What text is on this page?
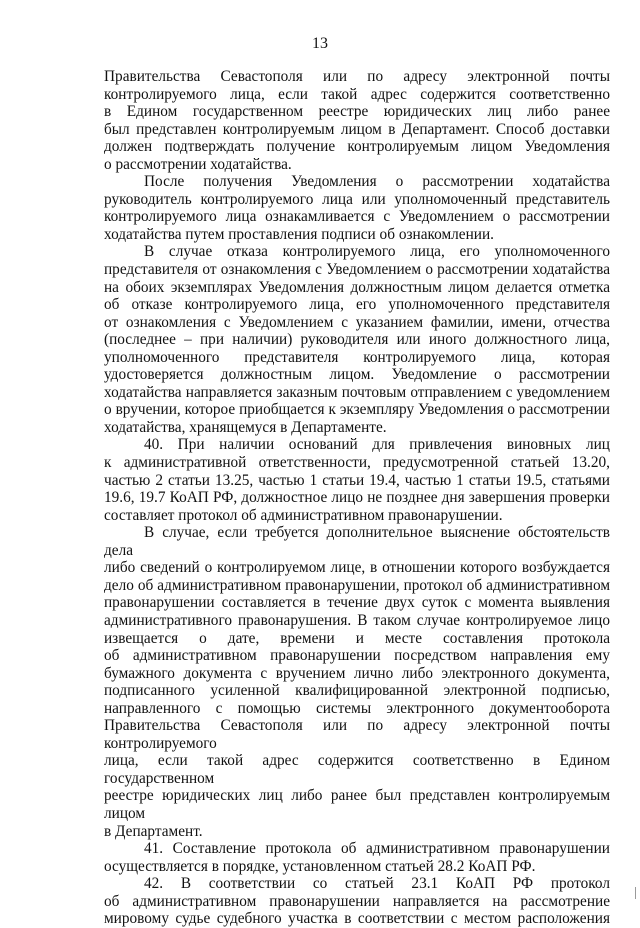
13

Правительства Севастополя или по адресу электронной почты

контролируемого лица, если такой адрес содержится соответственно

в Едином государственном реестре юридических лиц либо ранее

был представлен контролируемым лицом в Департамент. Способ доставки

должен подтверждать получение контролируемым лицом Уведомления

о рассмотрении ходатайства.

После получения Уведомления о рассмотрении ходатайства

руководитель контролируемого лица или уполномоченный представитель

контролируемого лица ознакамливается с Уведомлением о рассмотрении

ходатайства путем проставления подписи об ознакомлении.

В случае отказа контролируемого лица, его уполномоченного

представителя от ознакомления с Уведомлением о рассмотрении ходатайства

на обоих экземплярах Уведомления должностным лицом делается отметка

об отказе контролируемого лица, его уполномоченного представителя

от ознакомления с Уведомлением с указанием фамилии, имени, отчества

(последнее – при наличии) руководителя или иного должностного лица,

уполномоченного представителя контролируемого лица, которая

удостоверяется должностным лицом. Уведомление о рассмотрении

ходатайства направляется заказным почтовым отправлением с уведомлением

о вручении, которое приобщается к экземпляру Уведомления о рассмотрении

ходатайства, хранящемуся в Департаменте.

40. При наличии оснований для привлечения виновных лиц

к административной ответственности, предусмотренной статьей 13.20,

частью 2 статьи 13.25, частью 1 статьи 19.4, частью 1 статьи 19.5, статьями

19.6, 19.7 КоАП РФ, должностное лицо не позднее дня завершения проверки

составляет протокол об административном правонарушении.

В случае, если требуется дополнительное выяснение обстоятельств дела

либо сведений о контролируемом лице, в отношении которого возбуждается

дело об административном правонарушении, протокол об административном

правонарушении составляется в течение двух суток с момента выявления

административного правонарушения. В таком случае контролируемое лицо

извещается о дате, времени и месте составления протокола

об административном правонарушении посредством направления ему

бумажного документа с вручением лично либо электронного документа,

подписанного усиленной квалифицированной электронной подписью,

направленного с помощью системы электронного документооборота

Правительства Севастополя или по адресу электронной почты контролируемого

лица, если такой адрес содержится соответственно в Едином государственном

реестре юридических лиц либо ранее был представлен контролируемым лицом

в Департамент.

41. Составление протокола об административном правонарушении

осуществляется в порядке, установленном статьей 28.2 КоАП РФ.

42. В соответствии со статьей 23.1 КоАП РФ протокол

об административном правонарушении направляется на рассмотрение

мировому судье судебного участка в соответствии с местом расположения
